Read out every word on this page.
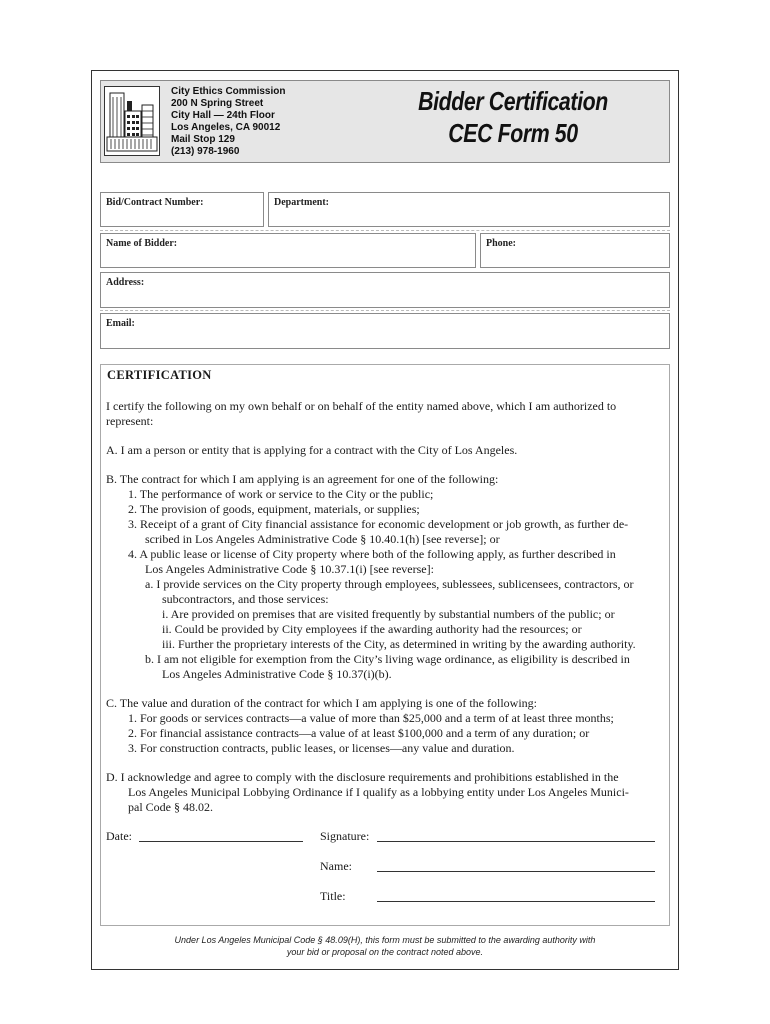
City Ethics Commission
200 N Spring Street
City Hall — 24th Floor
Los Angeles, CA 90012
Mail Stop 129
(213) 978-1960
Bidder Certification
CEC Form 50
Bid/Contract Number:	Department:
Name of Bidder:	Phone:
Address:
Email:
CERTIFICATION
I certify the following on my own behalf or on behalf of the entity named above, which I am authorized to
represent:
A. I am a person or entity that is applying for a contract with the City of Los Angeles.
B. The contract for which I am applying is an agreement for one of the following:
1. The performance of work or service to the City or the public;
2. The provision of goods, equipment, materials, or supplies;
3. Receipt of a grant of City financial assistance for economic development or job growth, as further de-
scribed in Los Angeles Administrative Code § 10.40.1(h) [see reverse]; or
4. A public lease or license of City property where both of the following apply, as further described in
Los Angeles Administrative Code § 10.37.1(i) [see reverse]:
a. I provide services on the City property through employees, sublessees, sublicensees, contractors, or
subcontractors, and those services:
i. Are provided on premises that are visited frequently by substantial numbers of the public; or
ii. Could be provided by City employees if the awarding authority had the resources; or
iii. Further the proprietary interests of the City, as determined in writing by the awarding authority.
b. I am not eligible for exemption from the City’s living wage ordinance, as eligibility is described in
Los Angeles Administrative Code § 10.37(i)(b).
C. The value and duration of the contract for which I am applying is one of the following:
1. For goods or services contracts—a value of more than $25,000 and a term of at least three months;
2. For financial assistance contracts—a value of at least $100,000 and a term of any duration; or
3. For construction contracts, public leases, or licenses—any value and duration.
D. I acknowledge and agree to comply with the disclosure requirements and prohibitions established in the
Los Angeles Municipal Lobbying Ordinance if I qualify as a lobbying entity under Los Angeles Munici-
pal Code § 48.02.
Date:	Signature:
Name:
Title:
Under Los Angeles Municipal Code § 48.09(H), this form must be submitted to the awarding authority with
your bid or proposal on the contract noted above.
